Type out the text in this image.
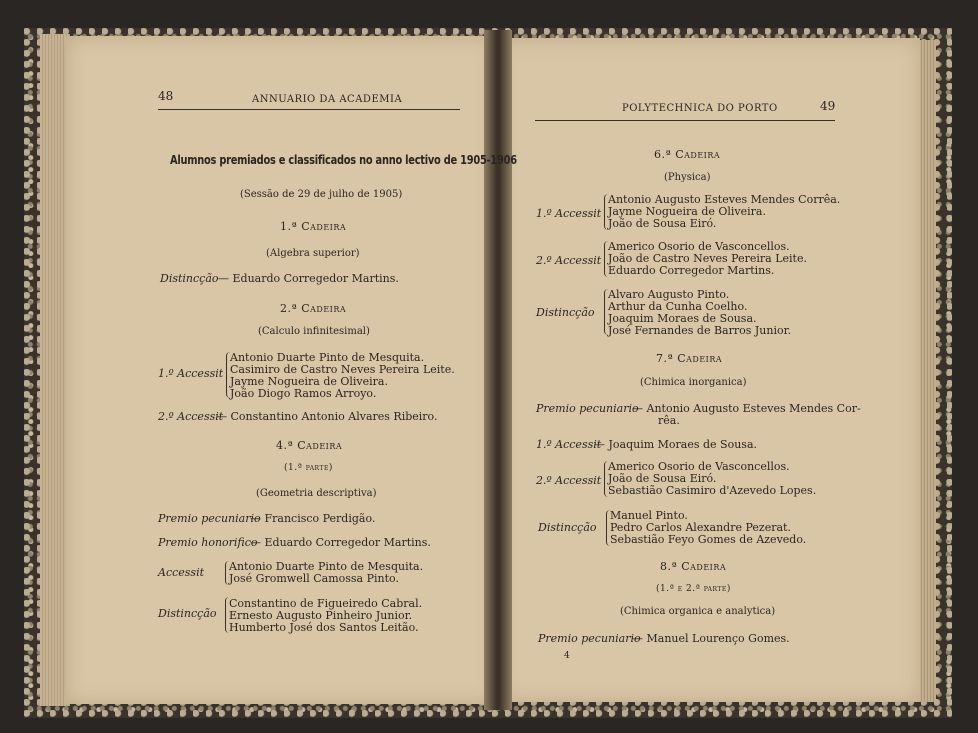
48	ANNUARIO DA ACADEMIA
Alumnos premiados e classificados no anno lectivo de 1905-1906
(Sessão de 29 de julho de 1905)
1.ª Cadeira
(Algebra superior)
Distincção — Eduardo Corregedor Martins.
2.ª Cadeira
(Calculo infinitesimal)
1.º Accessit
Antonio Duarte Pinto de Mesquita.
Casimiro de Castro Neves Pereira Leite.
Jayme Nogueira de Oliveira.
João Diogo Ramos Arroyo.
2.º Accessit
— Constantino Antonio Alvares Ribeiro.
4.ª Cadeira
(1.ª parte)
(Geometria descriptiva)
Premio pecuniario
— Francisco Perdigão.
Premio honorifico
— Eduardo Corregedor Martins.
Accessit Antonio Duarte Pinto de Mesquita.
José Gromwell Camossa Pinto.
Distincção
Constantino de Figueiredo Cabral.
Ernesto Augusto Pinheiro Junior.
Humberto José dos Santos Leitão.
POLYTECHNICA DO PORTO	49
6.ª Cadeira
(Physica)
1.º Accessit
Antonio Augusto Esteves Mendes Corrêa.
Jayme Nogueira de Oliveira.
João de Sousa Eiró.
2.º Accessit
Americo Osorio de Vasconcellos.
João de Castro Neves Pereira Leite.
Eduardo Corregedor Martins.
Distincção
Alvaro Augusto Pinto.
Arthur da Cunha Coelho.
Joaquim Moraes de Sousa.
José Fernandes de Barros Junior.
7.ª Cadeira
(Chimica inorganica)
Premio pecuniario
— Antonio Augusto Esteves Mendes Cor-
rêa.
1.º Accessit
— Joaquim Moraes de Sousa.
2.º Accessit
Americo Osorio de Vasconcellos.
João de Sousa Eiró.
Sebastião Casimiro d'Azevedo Lopes.
Distincção
Manuel Pinto.
Pedro Carlos Alexandre Pezerat.
Sebastião Feyo Gomes de Azevedo.
8.ª Cadeira
(1.ª e 2.ª parte)
(Chimica organica e analytica)
Premio pecuniario
— Manuel Lourenço Gomes.
4
